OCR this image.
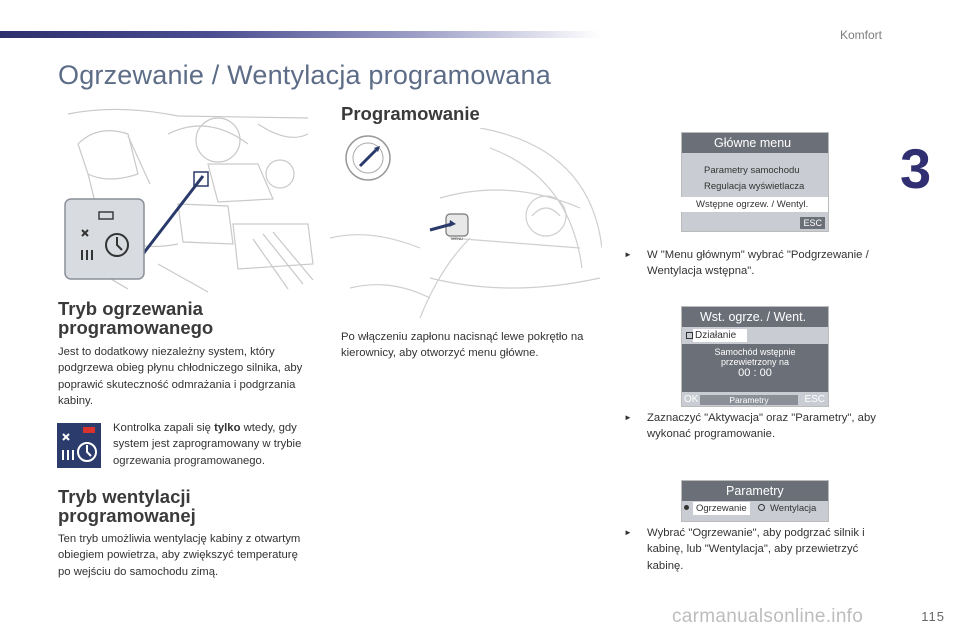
Komfort
3
Ogrzewanie / Wentylacja programowana
Tryb ogrzewania
programowanego
Jest to dodatkowy niezależny system, który podgrzewa obieg płynu chłodniczego silnika, aby poprawić skuteczność odmrażania i podgrzania kabiny.
Kontrolka zapali się tylko wtedy, gdy system jest zaprogramowany w trybie ogrzewania programowanego.
Tryb wentylacji
programowanej
Ten tryb umożliwia wentylację kabiny z otwartym obiegiem powietrza, aby zwiększyć temperaturę po wejściu do samochodu zimą.
Programowanie
MENU
Po włączeniu zapłonu nacisnąć lewe pokrętło na kierownicy, aby otworzyć menu główne.
Główne menu
Parametry samochodu
Regulacja wyświetlacza
Wstępne ogrzew. / Wentyl.
ESC
► W "Menu głównym" wybrać "Podgrzewanie / Wentylacja wstępna".
Wst. ogrze. / Went.
Działanie
Samochód wstępnie
przewietrzony na
00 : 00
OK	Parametry	ESC
► Zaznaczyć "Aktywacja" oraz "Parametry", aby wykonać programowanie.
Parametry
Ogrzewanie	Wentylacja
► Wybrać "Ogrzewanie", aby podgrzać silnik i kabinę, lub "Wentylacja", aby przewietrzyć kabinę.
carmanualsonline.info	115
